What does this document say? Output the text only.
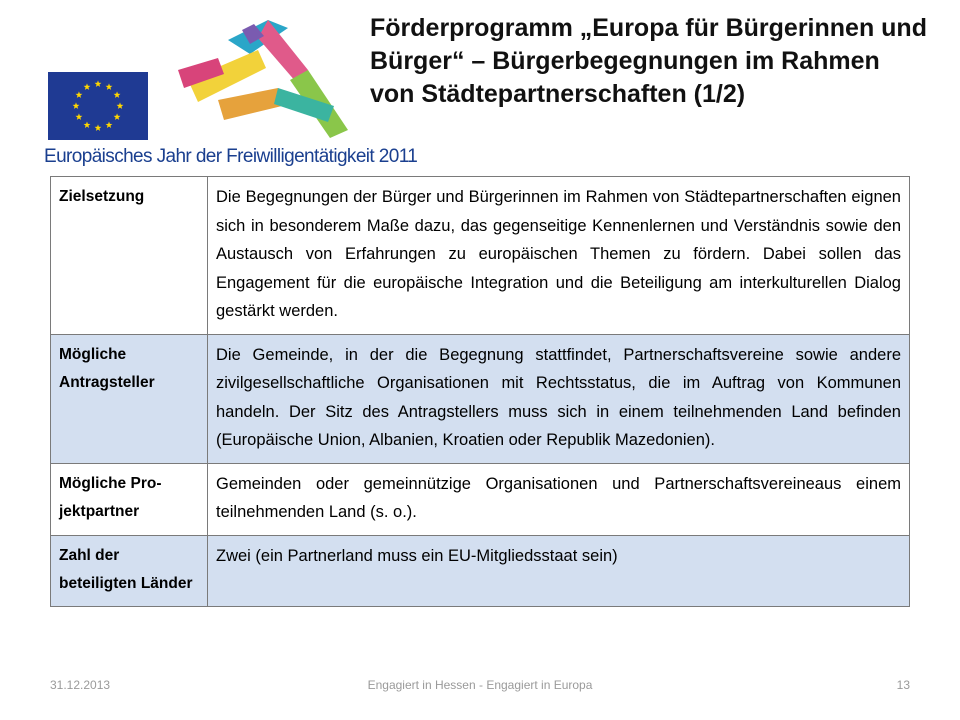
Europäisches Jahr der Freiwilligentätigkeit 2011
Förderprogramm „Europa für Bürgerinnen und Bürger“ – Bürgerbegegnungen im Rahmen von Städtepartnerschaften (1/2)
Zielsetzung	Die Begegnungen der Bürger und Bürgerinnen im Rahmen von Städtepartnerschaften eignen sich in besonderem Maße dazu, das gegenseitige Kennenlernen und Verständnis sowie den Austausch von Erfahrungen zu europäischen Themen zu fördern. Dabei sollen das Engagement für die europäische Integration und die Beteiligung am interkulturellen Dialog gestärkt werden.
Mögliche Antragsteller	Die Gemeinde, in der die Begegnung stattfindet, Partnerschaftsvereine sowie andere zivilgesellschaftliche Organisationen mit Rechtsstatus, die im Auftrag von Kommunen handeln. Der Sitz des Antragstellers muss sich in einem teilnehmenden Land befinden (Europäische Union, Albanien, Kroatien oder Republik Mazedonien).
Mögliche Projektpartner	Gemeinden oder gemeinnützige Organisationen und Partnerschaftsvereineaus einem teilnehmenden Land (s. o.).
Zahl der beteiligten Länder	Zwei (ein Partnerland muss ein EU-Mitgliedsstaat sein)
31.12.2013	Engagiert in Hessen - Engagiert in Europa	13
